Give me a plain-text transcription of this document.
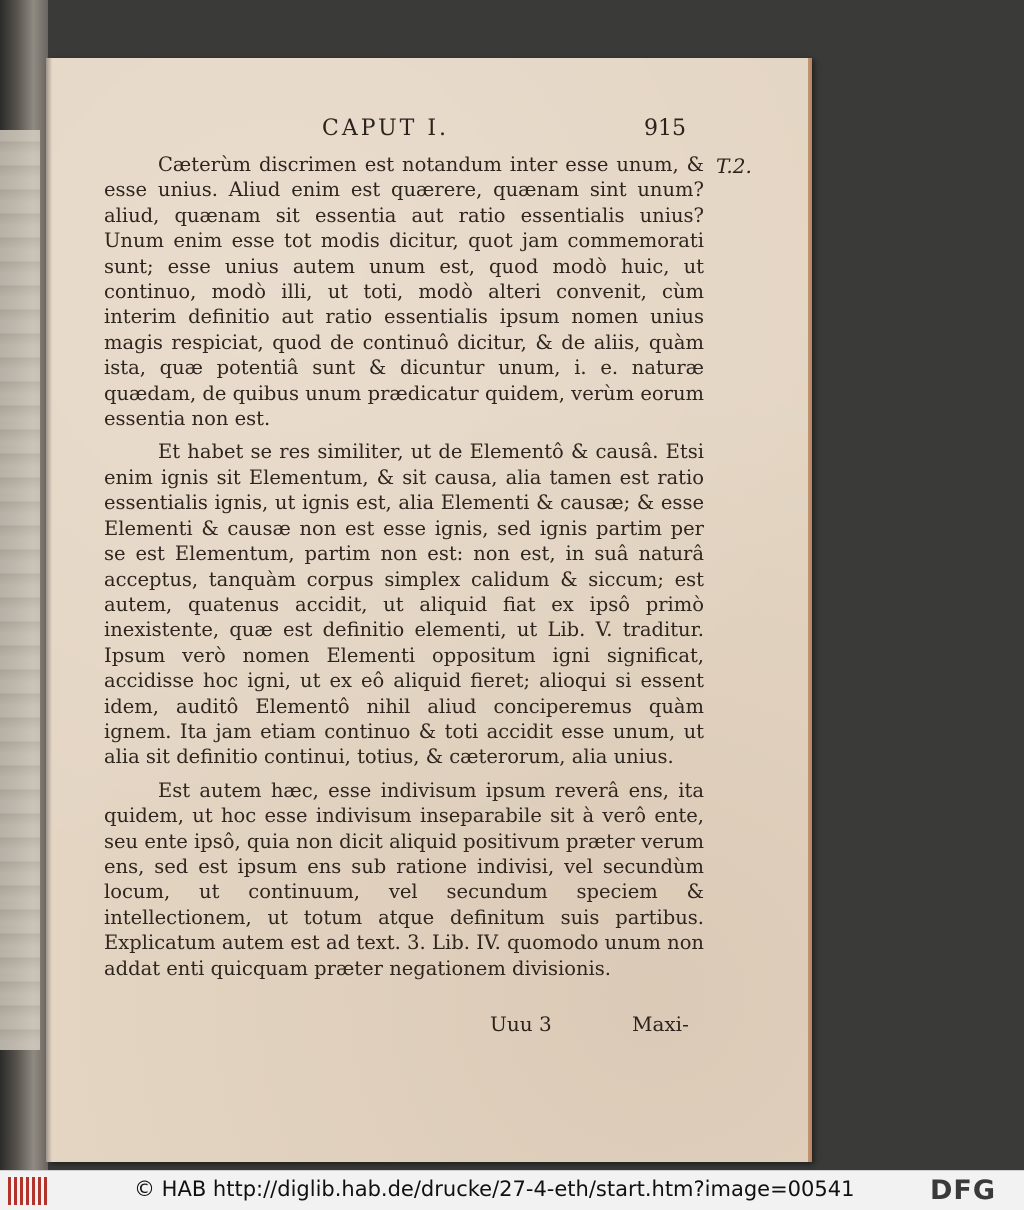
CAPUT I.	915
T.2.

Cæterùm discrimen est notandum inter esse unum, & esse unius. Aliud enim est quærere, quænam sint unum? aliud, quænam sit essentia aut ratio essentialis unius? Unum enim esse tot modis dicitur, quot jam commemorati sunt; esse unius autem unum est, quod modò huic, ut continuo, modò illi, ut toti, modò alteri convenit, cùm interim definitio aut ratio essentialis ipsum nomen unius magis respiciat, quod de continuô dicitur, & de aliis, quàm ista, quæ potentiâ sunt & dicuntur unum, i. e. naturæ quædam, de quibus unum prædicatur quidem, verùm eorum essentia non est.

Et habet se res similiter, ut de Elementô & causâ. Etsi enim ignis sit Elementum, & sit causa, alia tamen est ratio essentialis ignis, ut ignis est, alia Elementi & causæ; & esse Elementi & causæ non est esse ignis, sed ignis partim per se est Elementum, partim non est: non est, in suâ naturâ acceptus, tanquàm corpus simplex calidum & siccum; est autem, quatenus accidit, ut aliquid fiat ex ipsô primò inexistente, quæ est definitio elementi, ut Lib. V. traditur. Ipsum verò nomen Elementi oppositum igni significat, accidisse hoc igni, ut ex eô aliquid fieret; alioqui si essent idem, auditô Elementô nihil aliud conciperemus quàm ignem. Ita jam etiam continuo & toti accidit esse unum, ut alia sit definitio continui, totius, & cæterorum, alia unius.

Est autem hæc, esse indivisum ipsum reverâ ens, ita quidem, ut hoc esse indivisum inseparabile sit à verô ente, seu ente ipsô, quia non dicit aliquid positivum præter verum ens, sed est ipsum ens sub ratione indivisi, vel secundùm locum, ut continuum, vel secundum speciem & intellectionem, ut totum atque definitum suis partibus. Explicatum autem est ad text. 3. Lib. IV. quomodo unum non addat enti quicquam præter negationem divisionis.

Uuu 3	Maxi-
© HAB http://diglib.hab.de/drucke/27-4-eth/start.htm?image=00541	DFG
